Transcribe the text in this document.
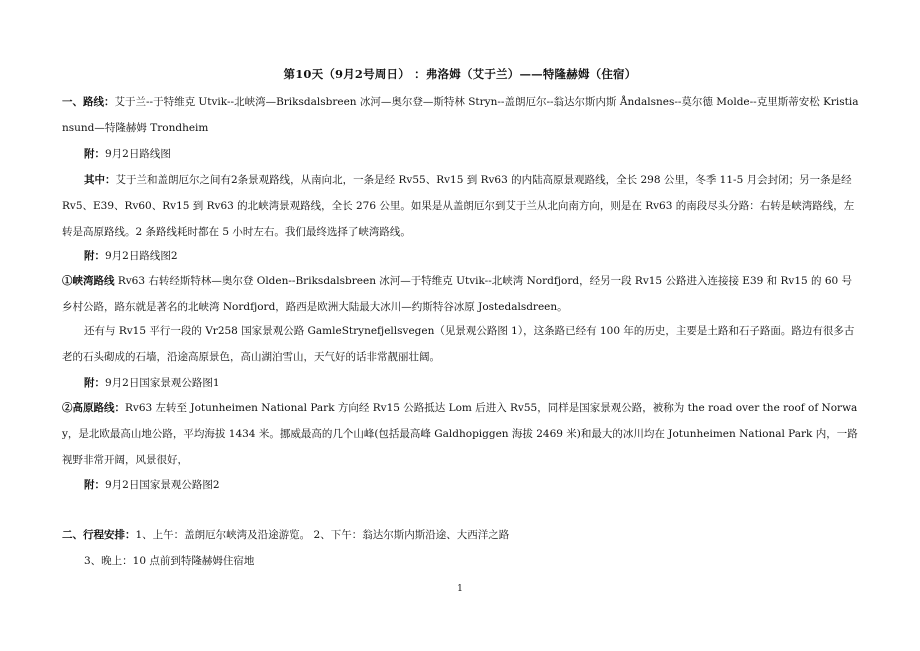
第10天（9月2号周日） ：弗洛姆（艾于兰）——特隆赫姆（住宿）
一、路线：艾于兰--于特维克 Utvik--北峡湾—Briksdalsbreen 冰河—奥尔登—斯特林 Stryn--盖朗厄尔--翁达尔斯内斯 Åndalsnes--莫尔德 Molde--克里斯蒂安松 Kristiansund—特隆赫姆 Trondheim
附：9月2日路线图
其中：艾于兰和盖朗厄尔之间有2条景观路线，从南向北，一条是经 Rv55、Rv15 到 Rv63 的内陆高原景观路线，全长 298 公里，冬季 11-5 月会封闭；另一条是经 Rv5、E39、Rv60、Rv15 到 Rv63 的北峡湾景观路线，全长 276 公里。如果是从盖朗厄尔到艾于兰从北向南方向，则是在 Rv63 的南段尽头分路：右转是峡湾路线，左转是高原路线。2 条路线耗时都在 5 小时左右。我们最终选择了峡湾路线。
附：9月2日路线图2
①峡湾路线 Rv63 右转经斯特林—奥尔登 Olden--Briksdalsbreen 冰河—于特维克 Utvik--北峡湾 Nordfjord，经另一段 Rv15 公路进入连接接 E39 和 Rv15 的 60 号乡村公路，路东就是著名的北峡湾 Nordfjord，路西是欧洲大陆最大冰川—约斯特谷冰原 Jostedalsdreen。
还有与 Rv15 平行一段的 Vr258 国家景观公路 GamleStrynefjellsvegen（见景观公路图 1），这条路已经有 100 年的历史，主要是土路和石子路面。路边有很多古老的石头砌成的石墙，沿途高原景色，高山湖泊雪山，天气好的话非常靓丽壮阔。
附：9月2日国家景观公路图1
②高原路线：Rv63 左转至 Jotunheimen National Park 方向经 Rv15 公路抵达 Lom 后进入 Rv55，同样是国家景观公路，被称为 the road over the roof of Norway，是北欧最高山地公路，平均海拔 1434 米。挪威最高的几个山峰(包括最高峰 Galdhopiggen 海拔 2469 米)和最大的冰川均在 Jotunheimen National Park 内，一路视野非常开阔，风景很好，
附：9月2日国家景观公路图2
二、行程安排：1、上午：盖朗厄尔峡湾及沿途游览。 2、下午：翁达尔斯内斯沿途、大西洋之路
3、晚上：10 点前到特隆赫姆住宿地
1
